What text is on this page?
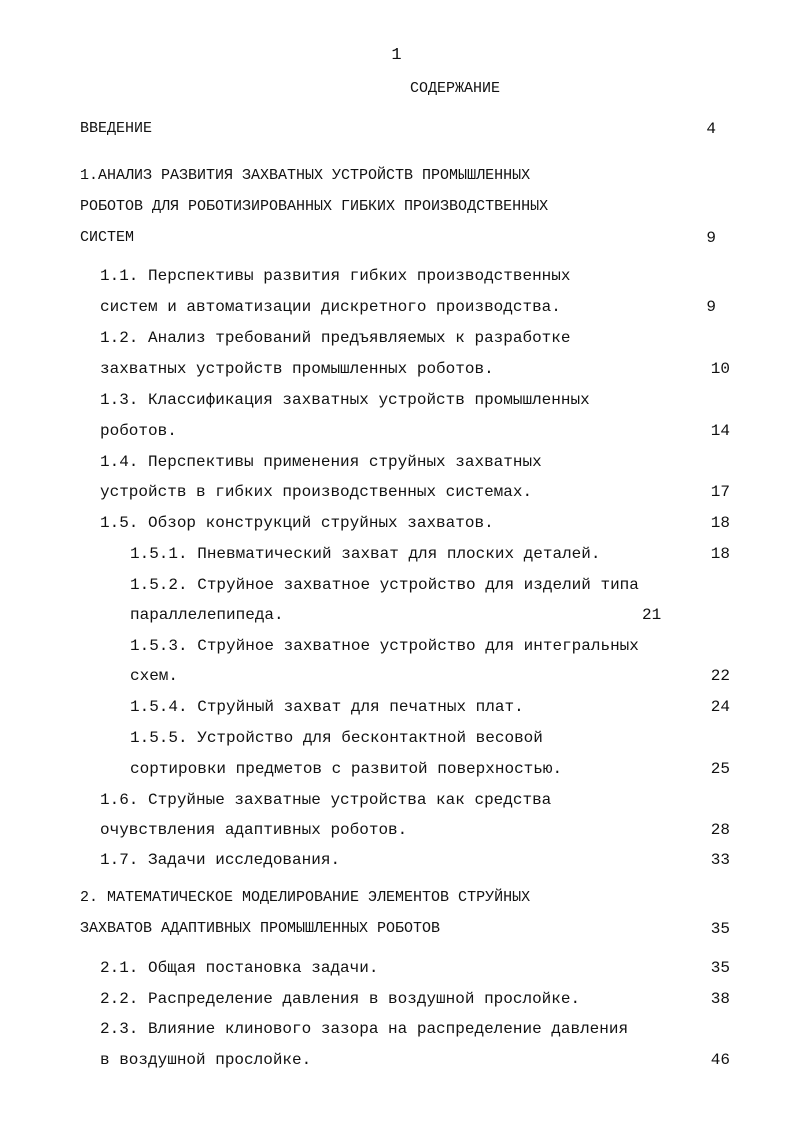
1
СОДЕРЖАНИЕ
ВВЕДЕНИЕ	4
1.АНАЛИЗ РАЗВИТИЯ ЗАХВАТНЫХ УСТРОЙСТВ ПРОМЫШЛЕННЫХ
РОБОТОВ ДЛЯ РОБОТИЗИРОВАННЫХ ГИБКИХ ПРОИЗВОДСТВЕННЫХ
СИСТЕМ	9
1.1. Перспективы развития гибких производственных
систем и автоматизации дискретного производства.	9
1.2. Анализ требований предъявляемых к разработке
захватных устройств промышленных роботов.	10
1.3. Классификация захватных устройств промышленных
роботов.	14
1.4. Перспективы применения струйных захватных
устройств в гибких производственных системах.	17
1.5. Обзор конструкций струйных захватов.	18
1.5.1. Пневматический захват для плоских деталей.	18
1.5.2. Струйное захватное устройство для изделий типа
параллелепипеда.	21
1.5.3. Струйное захватное устройство для интегральных
схем.	22
1.5.4. Струйный захват для печатных плат.	24
1.5.5. Устройство для бесконтактной весовой
сортировки предметов с развитой поверхностью.	25
1.6. Струйные захватные устройства как средства
очувствления адаптивных роботов.	28
1.7. Задачи исследования.	33
2. МАТЕМАТИЧЕСКОЕ МОДЕЛИРОВАНИЕ ЭЛЕМЕНТОВ СТРУЙНЫХ
ЗАХВАТОВ АДАПТИВНЫХ ПРОМЫШЛЕННЫХ РОБОТОВ	35
2.1. Общая постановка задачи.	35
2.2. Распределение давления в воздушной прослойке.	38
2.3. Влияние клинового зазора на распределение давления
в воздушной прослойке.	46
